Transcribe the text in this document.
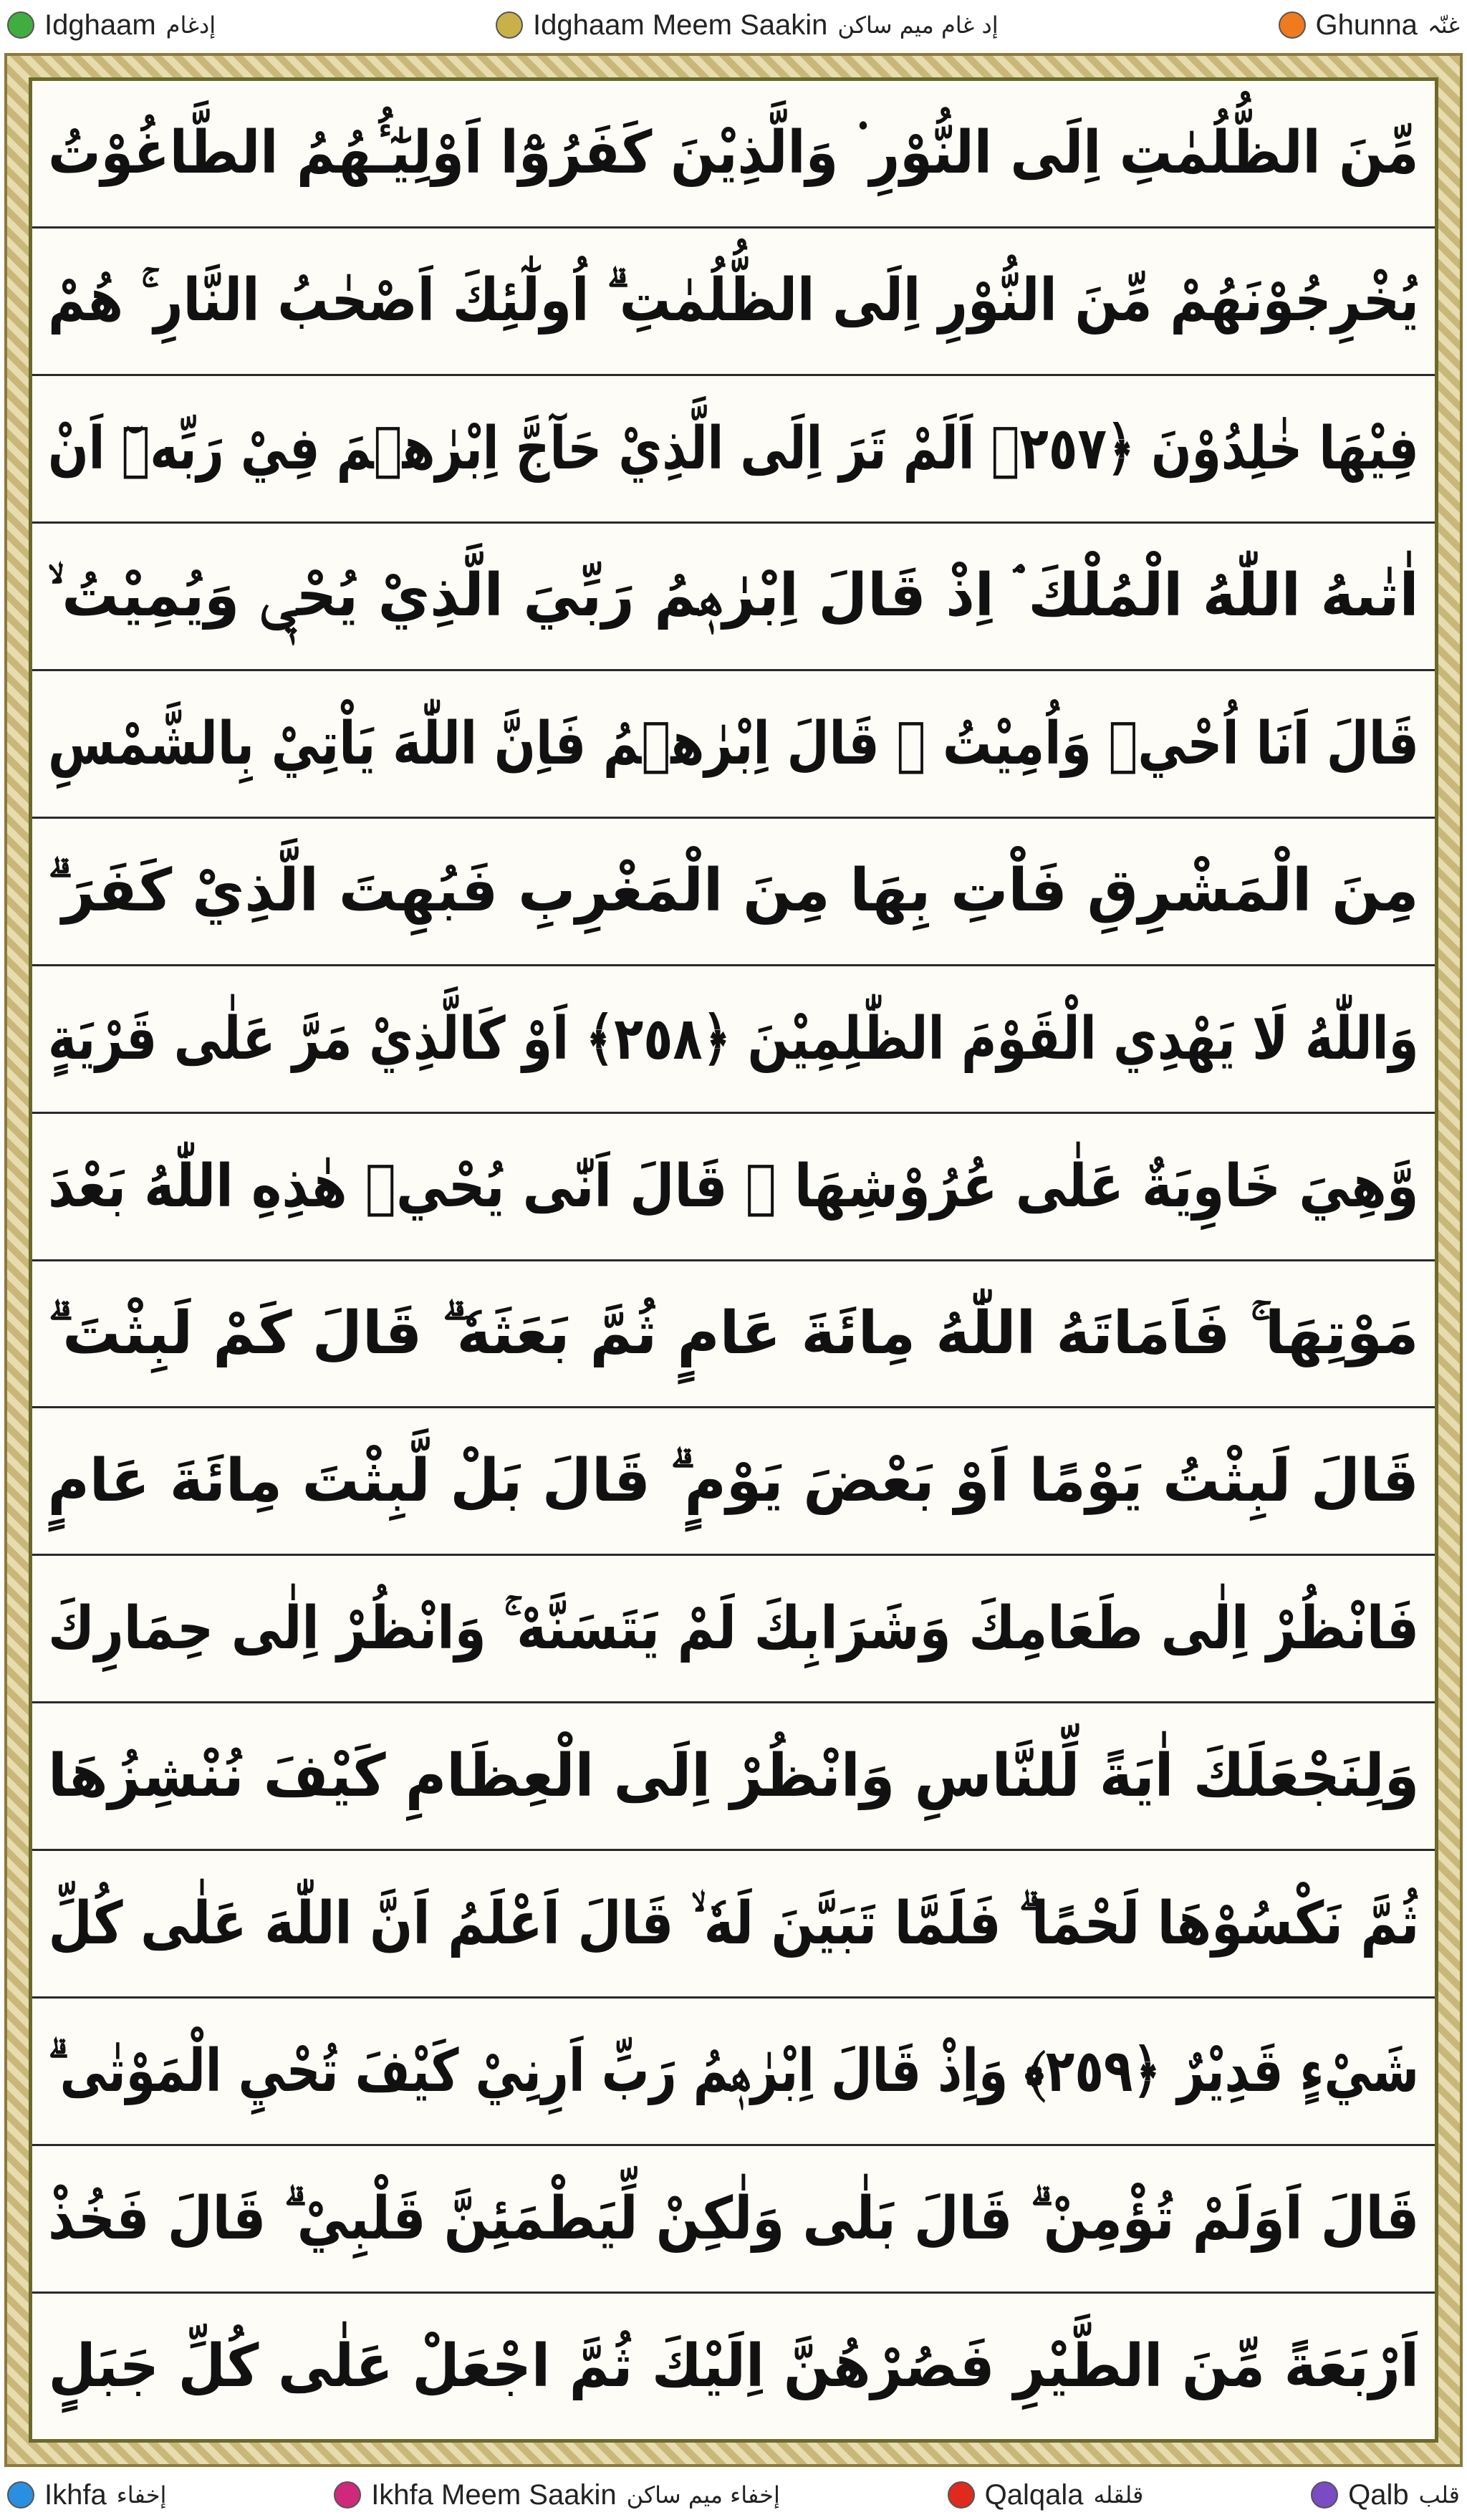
Idghaam إدغام	Idghaam Meem Saakin إد غام میم ساکن	Ghunna غنّہ
مِّنَ الظُّلُمٰتِ اِلَى النُّوْرِ ۬ وَالَّذِيْنَ كَفَرُوْٓا اَوْلِيٰٓـُٔهُمُ الطَّاغُوْتُ
يُخْرِجُوْنَهُمْ مِّنَ النُّوْرِ اِلَى الظُّلُمٰتِ ۗ اُولٰٓئِكَ اَصْحٰبُ النَّارِ ۚ هُمْ
فِيْهَا خٰلِدُوْنَ ﴿٢٥٧﴾ اَلَمْ تَرَ اِلَى الَّذِيْ حَآجَّ اِبْرٰهٖمَ فِيْ رَبِّهٖٓ اَنْ
اٰتٰىهُ اللّٰهُ الْمُلْكَ ۘ اِذْ قَالَ اِبْرٰهٖمُ رَبِّيَ الَّذِيْ يُحْيٖ وَيُمِيْتُ ۙ
قَالَ اَنَا اُحْيٖ وَاُمِيْتُ ۗ قَالَ اِبْرٰهٖمُ فَاِنَّ اللّٰهَ يَاْتِيْ بِالشَّمْسِ
مِنَ الْمَشْرِقِ فَاْتِ بِهَا مِنَ الْمَغْرِبِ فَبُهِتَ الَّذِيْ كَفَرَ ۗ
وَاللّٰهُ لَا يَهْدِي الْقَوْمَ الظّٰلِمِيْنَ ﴿٢٥٨﴾ اَوْ كَالَّذِيْ مَرَّ عَلٰى قَرْيَةٍ
وَّهِيَ خَاوِيَةٌ عَلٰى عُرُوْشِهَا ۚ قَالَ اَنّٰى يُحْيٖ هٰذِهِ اللّٰهُ بَعْدَ
مَوْتِهَا ۚ فَاَمَاتَهُ اللّٰهُ مِائَةَ عَامٍ ثُمَّ بَعَثَهٗ ۗ قَالَ كَمْ لَبِثْتَ ۗ
قَالَ لَبِثْتُ يَوْمًا اَوْ بَعْضَ يَوْمٍ ۗ قَالَ بَلْ لَّبِثْتَ مِائَةَ عَامٍ
فَانْظُرْ اِلٰى طَعَامِكَ وَشَرَابِكَ لَمْ يَتَسَنَّهْ ۚ وَانْظُرْ اِلٰى حِمَارِكَ
وَلِنَجْعَلَكَ اٰيَةً لِّلنَّاسِ وَانْظُرْ اِلَى الْعِظَامِ كَيْفَ نُنْشِزُهَا
ثُمَّ نَكْسُوْهَا لَحْمًا ۗ فَلَمَّا تَبَيَّنَ لَهٗ ۙ قَالَ اَعْلَمُ اَنَّ اللّٰهَ عَلٰى كُلِّ
شَيْءٍ قَدِيْرٌ ﴿٢٥٩﴾ وَاِذْ قَالَ اِبْرٰهٖمُ رَبِّ اَرِنِيْ كَيْفَ تُحْيِ الْمَوْتٰى ۗ
قَالَ اَوَلَمْ تُؤْمِنْ ۗ قَالَ بَلٰى وَلٰكِنْ لِّيَطْمَئِنَّ قَلْبِيْ ۗ قَالَ فَخُذْ
اَرْبَعَةً مِّنَ الطَّيْرِ فَصُرْهُنَّ اِلَيْكَ ثُمَّ اجْعَلْ عَلٰى كُلِّ جَبَلٍ
Ikhfa إخفاء	Ikhfa Meem Saakin إخفاء میم ساکن	Qalqala قلقله	Qalb قلب
